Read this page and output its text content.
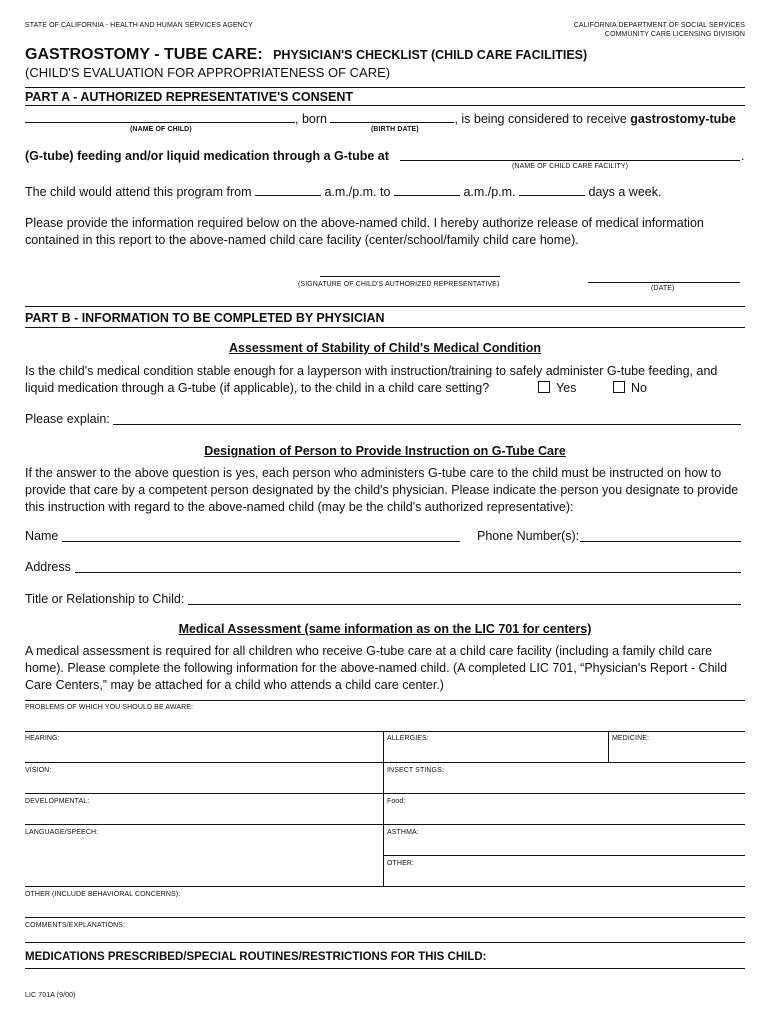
STATE OF CALIFORNIA - HEALTH AND HUMAN SERVICES AGENCY	CALIFORNIA DEPARTMENT OF SOCIAL SERVICES
COMMUNITY CARE LICENSING DIVISION
GASTROSTOMY - TUBE CARE: PHYSICIAN'S CHECKLIST (CHILD CARE FACILITIES)
(CHILD'S EVALUATION FOR APPROPRIATENESS OF CARE)
PART A - AUTHORIZED REPRESENTATIVE'S CONSENT
, born	, is being considered to receive gastrostomy-tube
(NAME OF CHILD)	(BIRTH DATE)
(G-tube) feeding and/or liquid medication through a G-tube at	.
(NAME OF CHILD CARE FACILITY)
The child would attend this program from	a.m./p.m. to	a.m./p.m.	days a week.
Please provide the information required below on the above-named child. I hereby authorize release of medical information contained in this report to the above-named child care facility (center/school/family child care home).
(SIGNATURE OF CHILD'S AUTHORIZED REPRESENTATIVE)
(DATE)
PART B - INFORMATION TO BE COMPLETED BY PHYSICIAN
Assessment of Stability of Child's Medical Condition
Is the child's medical condition stable enough for a layperson with instruction/training to safely administer G-tube feeding, and
liquid medication through a G-tube (if applicable), to the child in a child care setting?	Yes	No
Please explain:
Designation of Person to Provide Instruction on G-Tube Care
If the answer to the above question is yes, each person who administers G-tube care to the child must be instructed on how to provide that care by a competent person designated by the child's physician. Please indicate the person you designate to provide this instruction with regard to the above-named child (may be the child's authorized representative):
Name	Phone Number(s):
Address
Title or Relationship to Child:
Medical Assessment (same information as on the LIC 701 for centers)
A medical assessment is required for all children who receive G-tube care at a child care facility (including a family child care home). Please complete the following information for the above-named child. (A completed LIC 701, “Physician's Report - Child Care Centers,” may be attached for a child who attends a child care center.)
PROBLEMS OF WHICH YOU SHOULD BE AWARE:
HEARING:	ALLERGIES:	MEDICINE:
VISION:	INSECT STINGS:
DEVELOPMENTAL:	Food:
LANGUAGE/SPEECH:	ASTHMA:
OTHER:
OTHER (INCLUDE BEHAVIORAL CONCERNS):
COMMENTS/EXPLANATIONS:
MEDICATIONS PRESCRIBED/SPECIAL ROUTINES/RESTRICTIONS FOR THIS CHILD:
LIC 701A (9/00)
